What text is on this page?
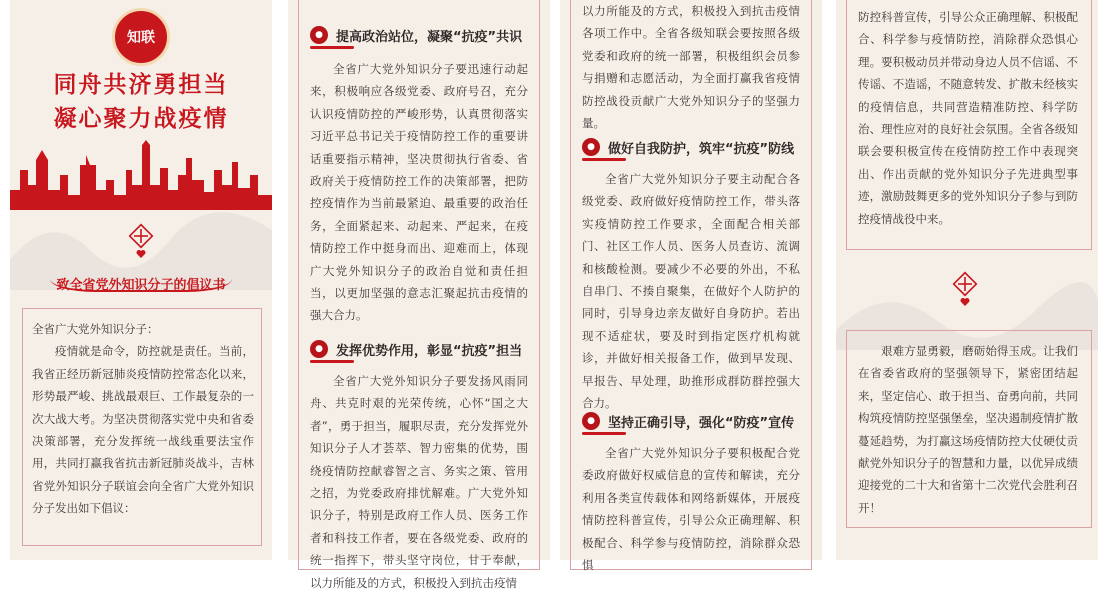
知联
同舟共济勇担当
凝心聚力战疫情
致全省党外知识分子的倡议书

全省广大党外知识分子：

疫情就是命令，防控就是责任。当前，我省正经历新冠肺炎疫情防控常态化以来，形势最严峻、挑战最艰巨、工作最复杂的一次大战大考。为坚决贯彻落实党中央和省委决策部署，充分发挥统一战线重要法宝作用，共同打赢我省抗击新冠肺炎战斗，吉林省党外知识分子联谊会向全省广大党外知识分子发出如下倡议：

●	提高政治站位，凝聚“抗疫”共识

全省广大党外知识分子要迅速行动起来，积极响应各级党委、政府号召，充分认识疫情防控的严峻形势，认真贯彻落实习近平总书记关于疫情防控工作的重要讲话重要指示精神，坚决贯彻执行省委、省政府关于疫情防控工作的决策部署，把防控疫情作为当前最紧迫、最重要的政治任务，全面紧起来、动起来、严起来，在疫情防控工作中挺身而出、迎难而上，体现广大党外知识分子的政治自觉和责任担当，以更加坚强的意志汇聚起抗击疫情的强大合力。

●	发挥优势作用，彰显“抗疫”担当

全省广大党外知识分子要发扬风雨同舟、共克时艰的光荣传统，心怀“国之大者”，勇于担当，履职尽责，充分发挥党外知识分子人才荟萃、智力密集的优势，围绕疫情防控献睿智之言、务实之策、管用之招，为党委政府排忧解难。广大党外知识分子，特别是政府工作人员、医务工作者和科技工作者，要在各级党委、政府的统一指挥下，带头坚守岗位，甘于奉献，以力所能及的方式，积极投入到抗击疫情

以力所能及的方式，积极投入到抗击疫情各项工作中。全省各级知联会要按照各级党委和政府的统一部署，积极组织会员参与捐赠和志愿活动，为全面打赢我省疫情防控战役贡献广大党外知识分子的坚强力量。

●	做好自我防护，筑牢“抗疫”防线

全省广大党外知识分子要主动配合各级党委、政府做好疫情防控工作，带头落实疫情防控工作要求，全面配合相关部门、社区工作人员、医务人员查访、流调和核酸检测。要减少不必要的外出，不私自串门、不揍自聚集，在做好个人防护的同时，引导身边亲友做好自身防护。若出现不适症状，要及时到指定医疗机构就诊，并做好相关报备工作，做到早发现、早报告、早处理，助推形成群防群控强大合力。

●	坚持正确引导，强化“防疫”宣传

全省广大党外知识分子要积极配合党委政府做好权威信息的宣传和解读，充分利用各类宣传载体和网络新媒体，开展疫情防控科普宣传，引导公众正确理解、积极配合、科学参与疫情防控，消除群众恐惧

防控科普宣传，引导公众正确理解、积极配合、科学参与疫情防控，消除群众恐惧心理。要积极动员并带动身边人员不信谣、不传谣、不造谣，不随意转发、扩散未经核实的疫情信息，共同营造精准防控、科学防治、理性应对的良好社会氛围。全省各级知联会要积极宣传在疫情防控工作中表现突出、作出贡献的党外知识分子先进典型事迹，激励鼓舞更多的党外知识分子参与到防控疫情战役中来。

艰难方显勇毅，磨砺始得玉成。让我们在省委省政府的坚强领导下，紧密团结起来，坚定信心、敢于担当、奋勇向前，共同构筑疫情防控坚强堡垒，坚决遏制疫情扩散蔓延趋势，为打赢这场疫情防控大仗硬仗贡献党外知识分子的智慧和力量，以优异成绩迎接党的二十大和省第十二次党代会胜利召开！
